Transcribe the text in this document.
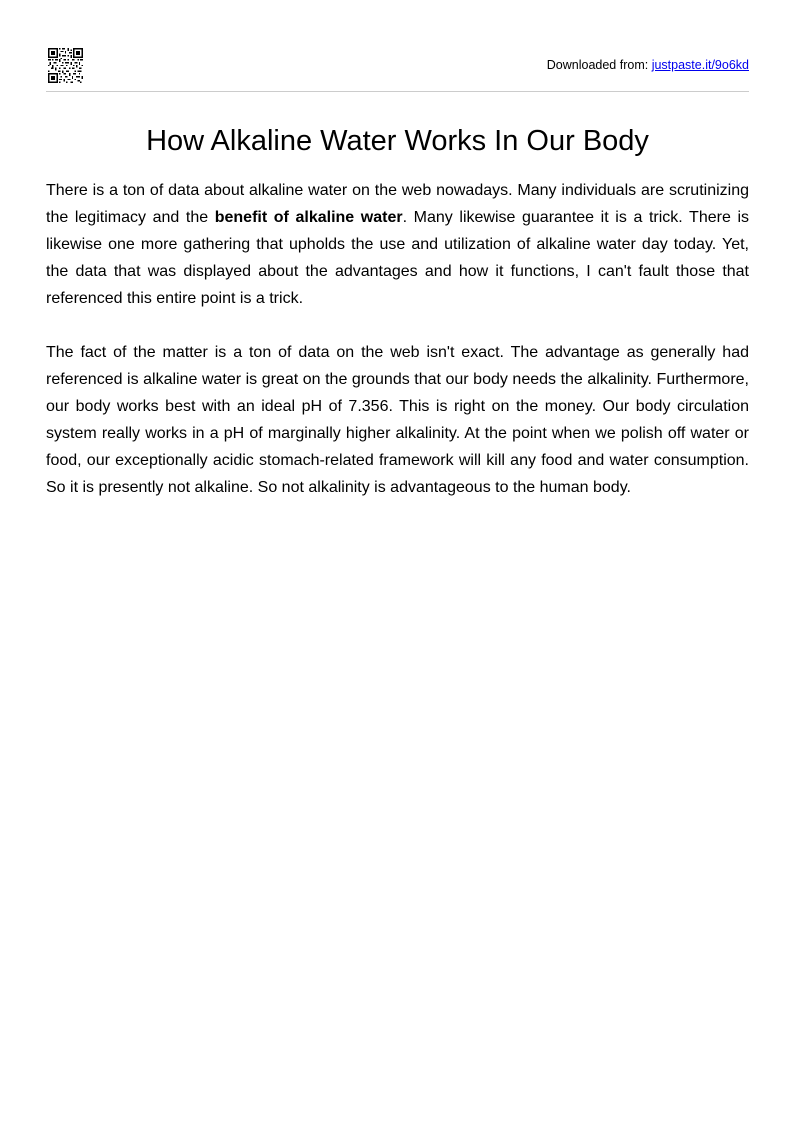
Downloaded from: justpaste.it/9o6kd
How Alkaline Water Works In Our Body

There is a ton of data about alkaline water on the web nowadays. Many individuals are scrutinizing the legitimacy and the benefit of alkaline water. Many likewise guarantee it is a trick. There is likewise one more gathering that upholds the use and utilization of alkaline water day today. Yet, the data that was displayed about the advantages and how it functions, I can't fault those that referenced this entire point is a trick.

The fact of the matter is a ton of data on the web isn't exact. The advantage as generally had referenced is alkaline water is great on the grounds that our body needs the alkalinity. Furthermore, our body works best with an ideal pH of 7.356. This is right on the money. Our body circulation system really works in a pH of marginally higher alkalinity. At the point when we polish off water or food, our exceptionally acidic stomach-related framework will kill any food and water consumption. So it is presently not alkaline. So not alkalinity is advantageous to the human body.
